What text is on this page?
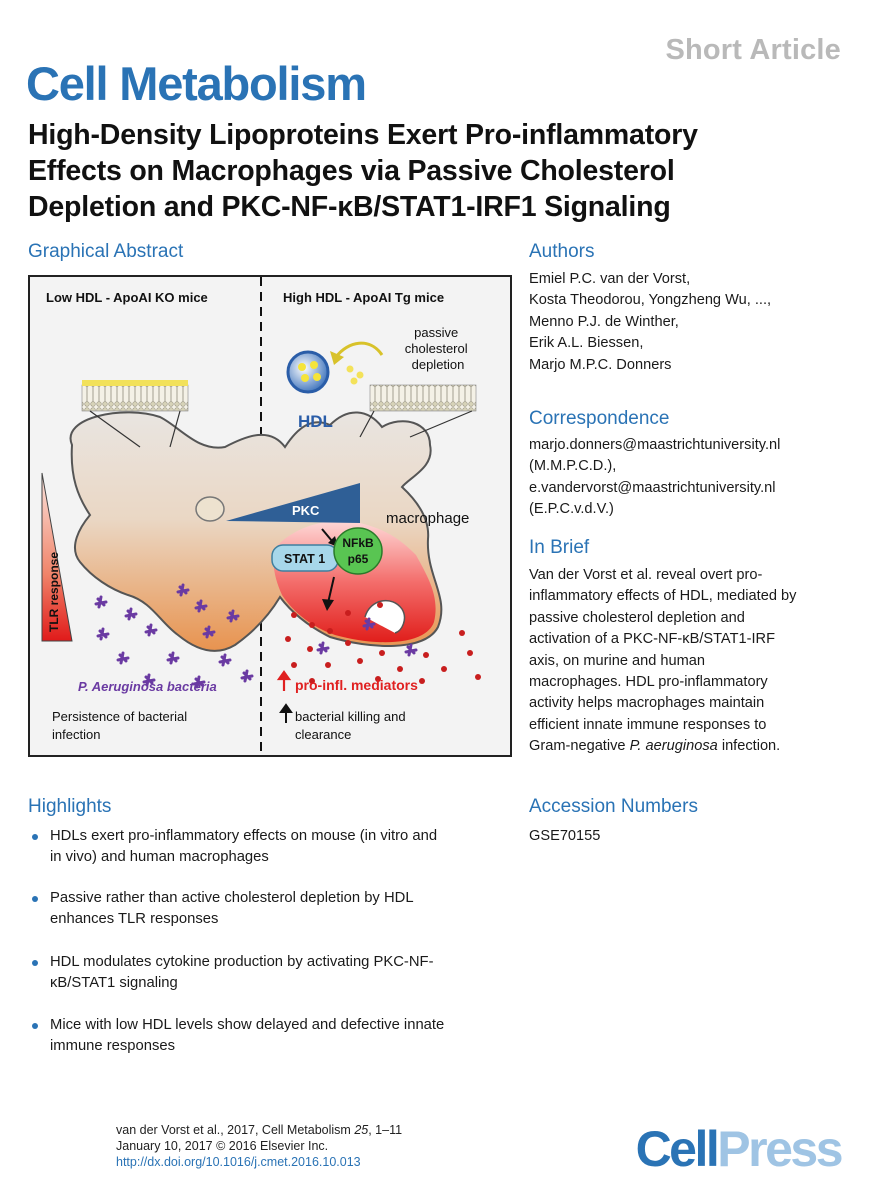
Short Article
Cell Metabolism
High-Density Lipoproteins Exert Pro-inflammatory
Effects on Macrophages via Passive Cholesterol
Depletion and PKC-NF-κB/STAT1-IRF1 Signaling
Graphical Abstract
Low HDL - ApoAI KO mice	High HDL - ApoAI Tg mice
HDL
passive cholesterol depletion
PKC	macrophage
STAT 1
NFkB
p65
TLR response
P. Aeruginosa bacteria	pro-infl. mediators
Persistence of bacterial infection
bacterial killing and clearance
Authors
Emiel P.C. van der Vorst,
Kosta Theodorou, Yongzheng Wu, ...,
Menno P.J. de Winther,
Erik A.L. Biessen,
Marjo M.P.C. Donners
Correspondence
marjo.donners@maastrichtuniversity.nl
(M.M.P.C.D.),
e.vandervorst@maastrichtuniversity.nl
(E.P.C.v.d.V.)
In Brief
Van der Vorst et al. reveal overt pro-
inflammatory effects of HDL, mediated by
passive cholesterol depletion and
activation of a PKC-NF-κB/STAT1-IRF
axis, on murine and human
macrophages. HDL pro-inflammatory
activity helps macrophages maintain
efficient innate immune responses to
Gram-negative P. aeruginosa infection.
Accession Numbers
GSE70155
Highlights
HDLs exert pro-inflammatory effects on mouse (in vitro and
in vivo) and human macrophages
Passive rather than active cholesterol depletion by HDL
enhances TLR responses
HDL modulates cytokine production by activating PKC-NF-
κB/STAT1 signaling
Mice with low HDL levels show delayed and defective innate
immune responses
van der Vorst et al., 2017, Cell Metabolism 25, 1–11
January 10, 2017 © 2016 Elsevier Inc.
http://dx.doi.org/10.1016/j.cmet.2016.10.013	CellPress
